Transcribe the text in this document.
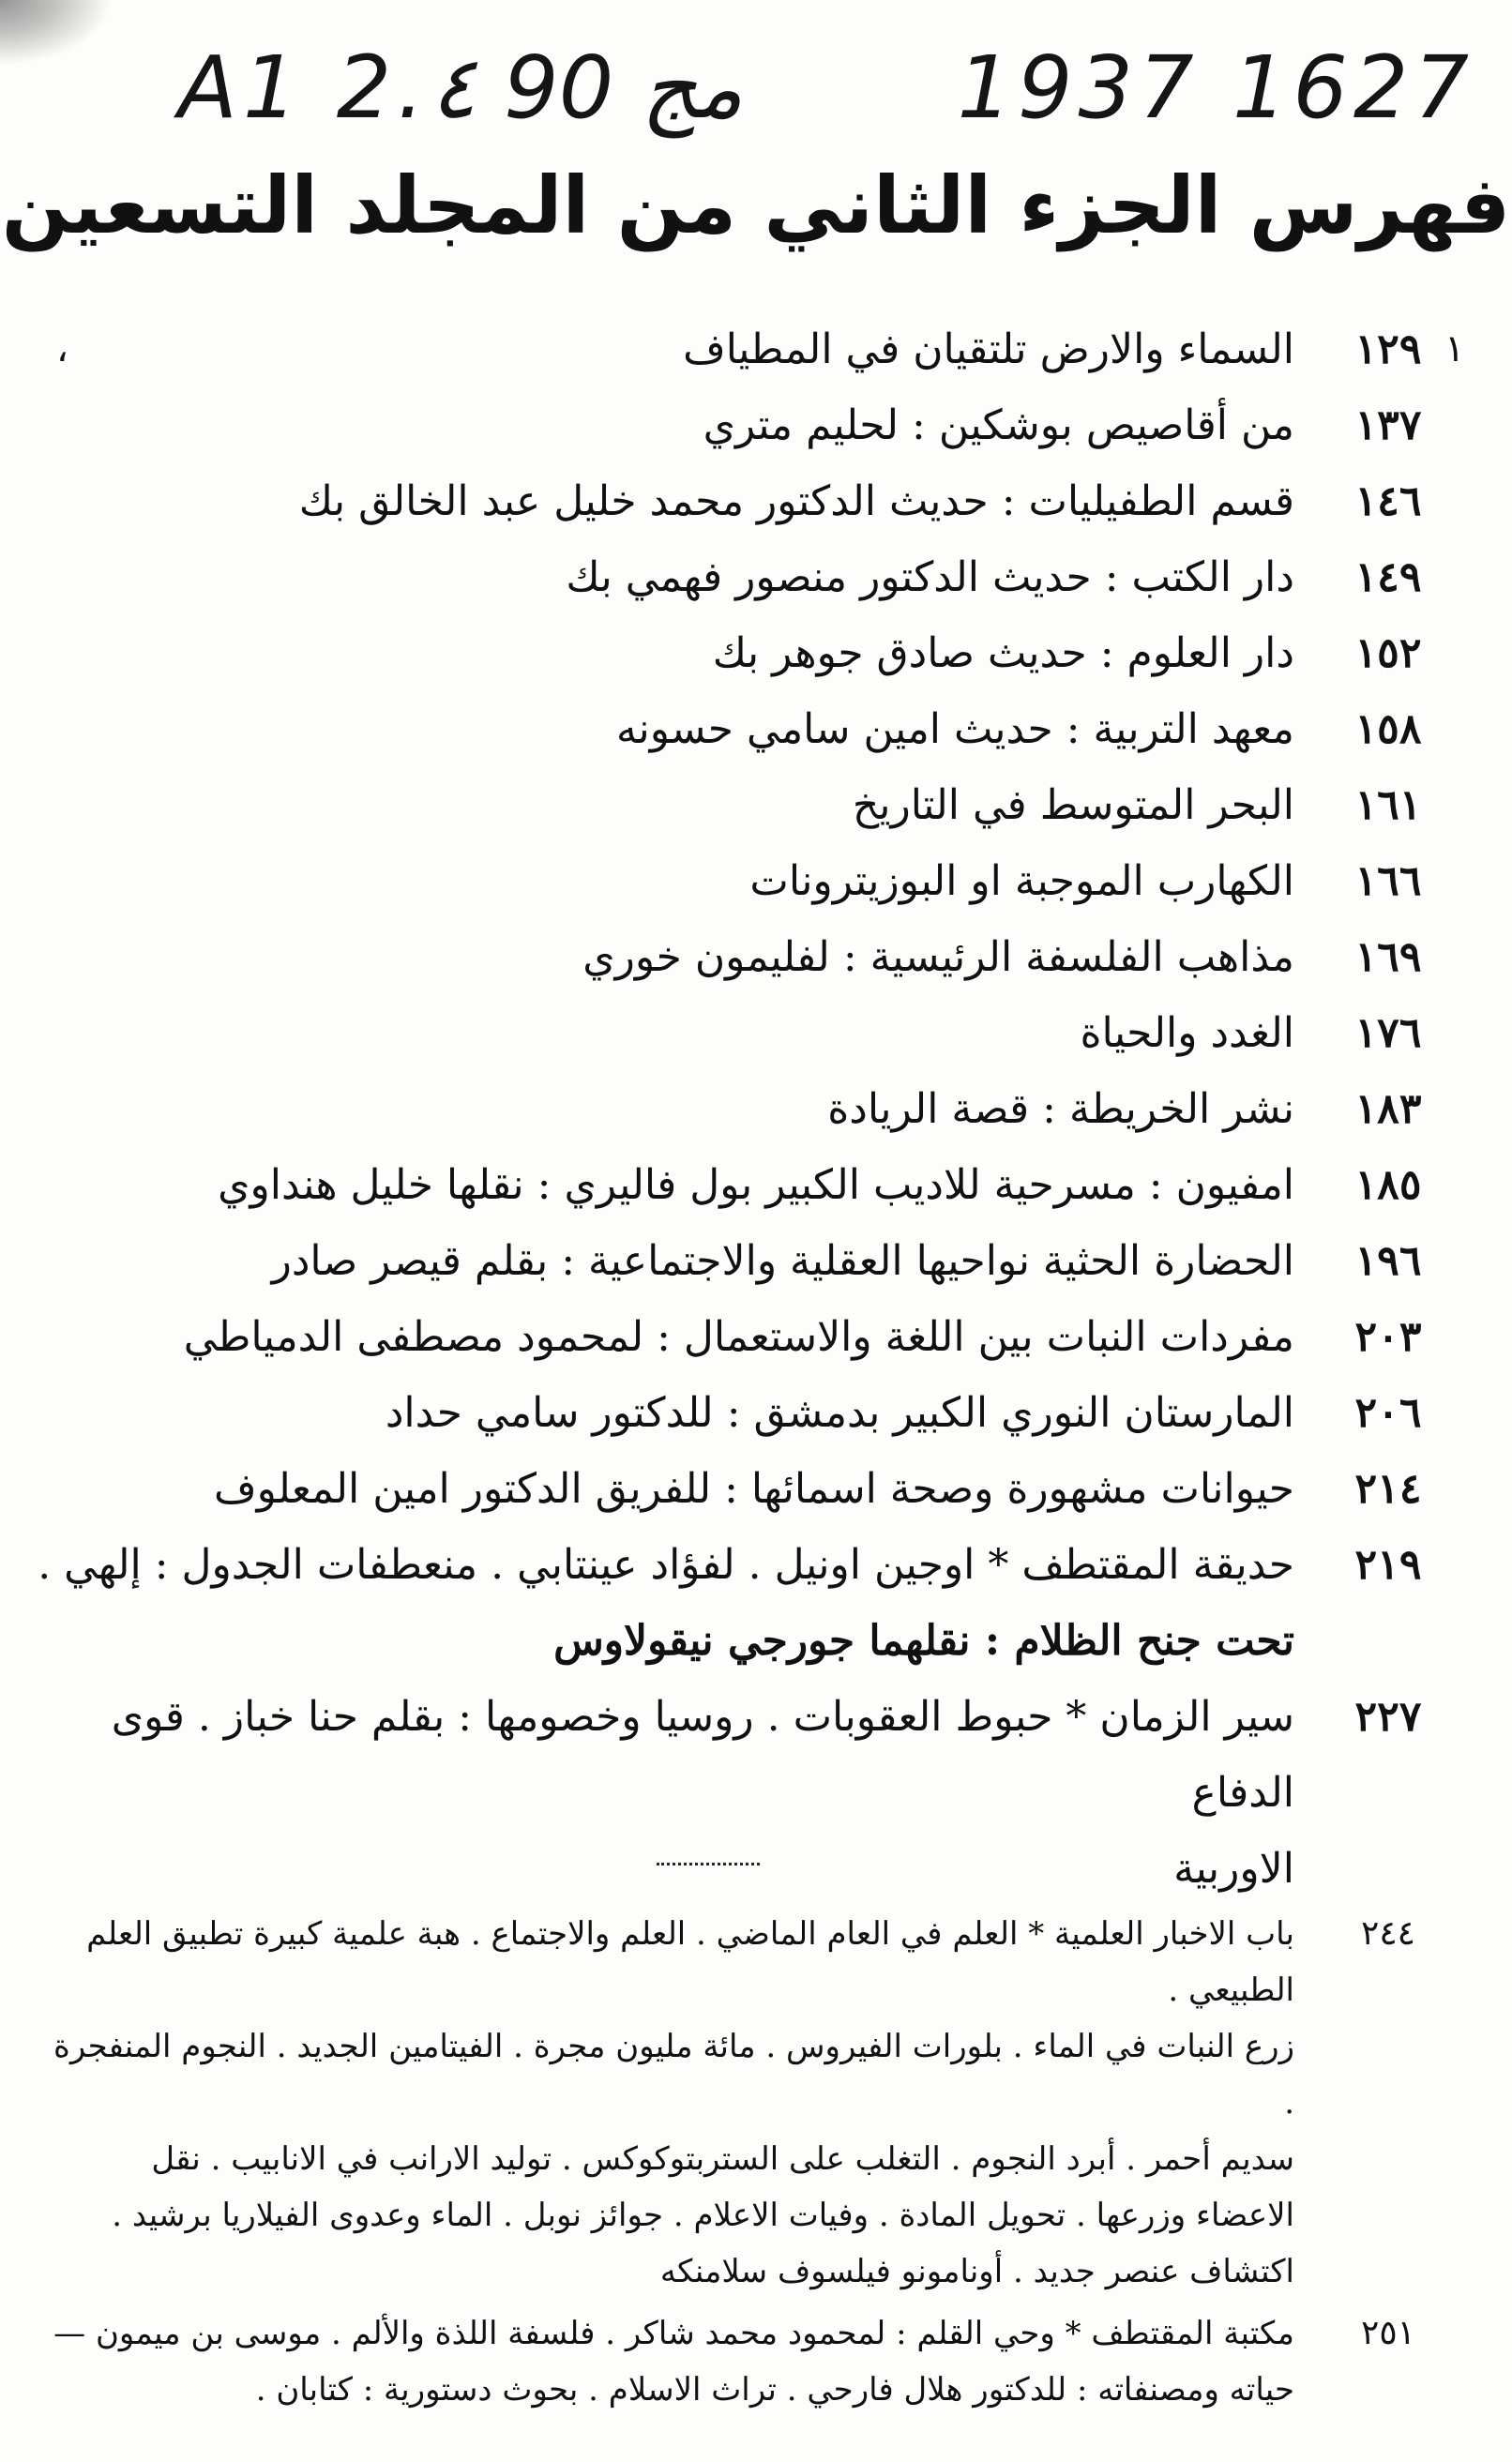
A1 2.٤ 90 مج 1937 1627
فهرس الجزء الثاني من المجلد التسعين
١
،	١٢٩
السماء والارض تلتقيان في المطياف
١٣٧
من أقاصيص بوشكين : لحليم متري
١٤٦
قسم الطفيليات : حديث الدكتور محمد خليل عبد الخالق بك
١٤٩
دار الكتب : حديث الدكتور منصور فهمي بك
١٥٢
دار العلوم : حديث صادق جوهر بك
١٥٨
معهد التربية : حديث امين سامي حسونه
١٦١
البحر المتوسط في التاريخ
١٦٦
الكهارب الموجبة او البوزيترونات
١٦٩
مذاهب الفلسفة الرئيسية : لفليمون خوري
١٧٦
الغدد والحياة
١٨٣
نشر الخريطة : قصة الريادة
١٨٥
امفيون : مسرحية للاديب الكبير بول فاليري : نقلها خليل هنداوي
١٩٦
الحضارة الحثية نواحيها العقلية والاجتماعية : بقلم قيصر صادر
٢٠٣
مفردات النبات بين اللغة والاستعمال : لمحمود مصطفى الدمياطي
٢٠٦
المارستان النوري الكبير بدمشق : للدكتور سامي حداد
٢١٤
حيوانات مشهورة وصحة اسمائها : للفريق الدكتور امين المعلوف
٢١٩
حديقة المقتطف * اوجين اونيل . لفؤاد عينتابي . منعطفات الجدول : إلهي .
تحت جنح الظلام : نقلهما جورجي نيقولاوس
٢٢٧
سير الزمان * حبوط العقوبات . روسيا وخصومها : بقلم حنا خباز . قوى الدفاع
الاوربية
٢٤٤
باب الاخبار العلمية * العلم في العام الماضي . العلم والاجتماع . هبة علمية كبيرة تطبيق العلم الطبيعي .
زرع النبات في الماء . بلورات الفيروس . مائة مليون مجرة . الفيتامين الجديد . النجوم المنفجرة .
سديم أحمر . أبرد النجوم . التغلب على الستربتوكوكس . توليد الارانب في الانابيب . نقل
الاعضاء وزرعها . تحويل المادة . وفيات الاعلام . جوائز نوبل . الماء وعدوى الفيلاريا برشيد .
اكتشاف عنصر جديد . أونامونو فيلسوف سلامنكه
٢٥١
مكتبة المقتطف * وحي القلم : لمحمود محمد شاكر . فلسفة اللذة والألم . موسى بن ميمون —
حياته ومصنفاته : للدكتور هلال فارحي . تراث الاسلام . بحوث دستورية : كتابان .
